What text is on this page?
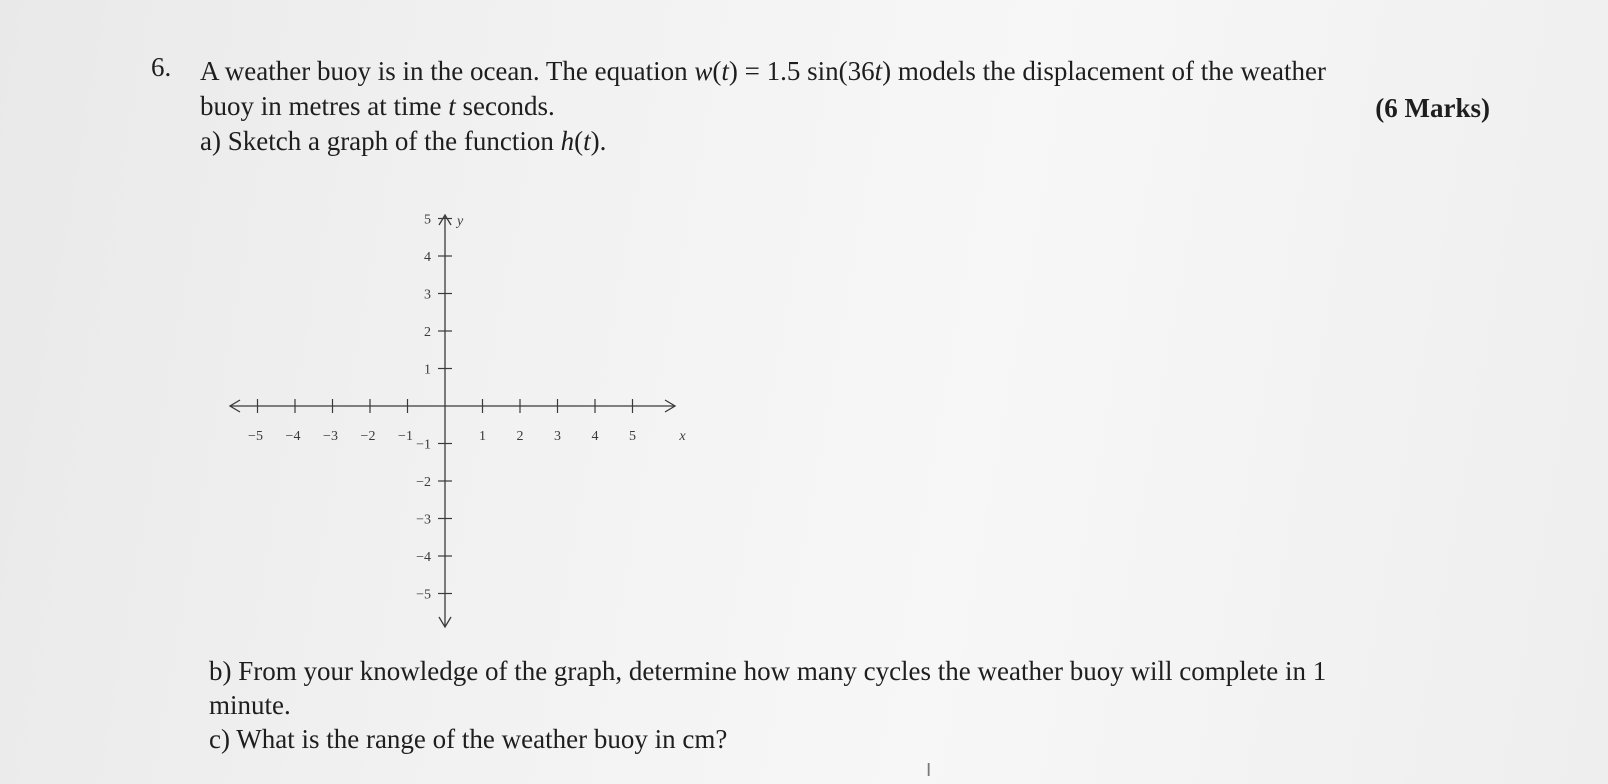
6. A weather buoy is in the ocean. The equation w(t) = 1.5 sin(36t) models the displacement of the weather
buoy in metres at time t seconds.	(6 Marks)
a) Sketch a graph of the function h(t).
−5 −4 −3 −2 −1	1 2 3 4 5
5
4
3
2
1
−1
−2
−3
−4
−5
x
y
b) From your knowledge of the graph, determine how many cycles the weather buoy will complete in 1
minute.
c) What is the range of the weather buoy in cm?
I
